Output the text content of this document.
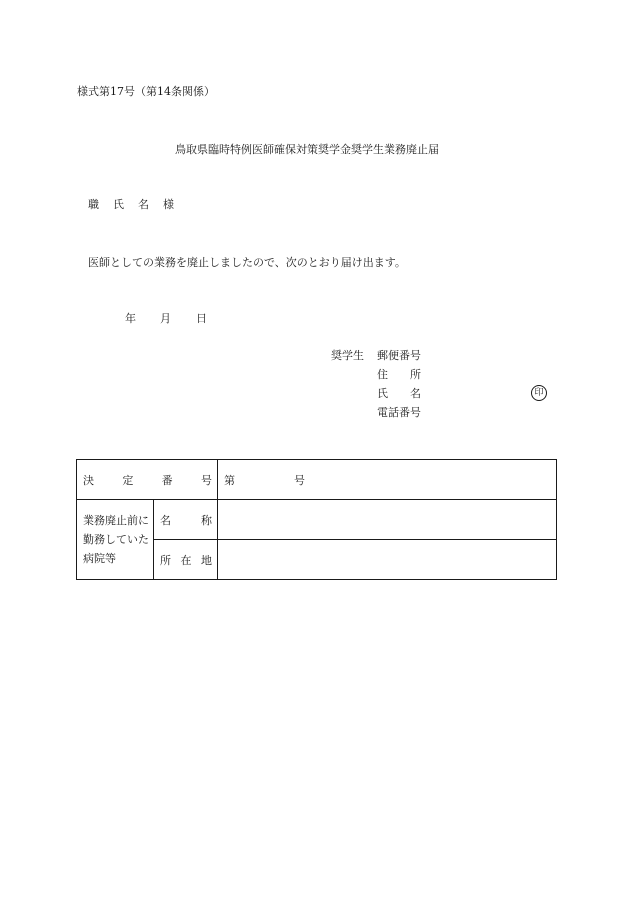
様式第17号（第14条関係）
鳥取県臨時特例医師確保対策奨学金奨学生業務廃止届
職 氏 名 様
医師としての業務を廃止しましたので、次のとおり届け出ます。
年 月 日
奨学生 郵便番号
住　　所
氏　　名
電話番号
印
決 定 番 号		第 号

業務廃止前に勤務していた病院等	名 称	

	所 在 地	
